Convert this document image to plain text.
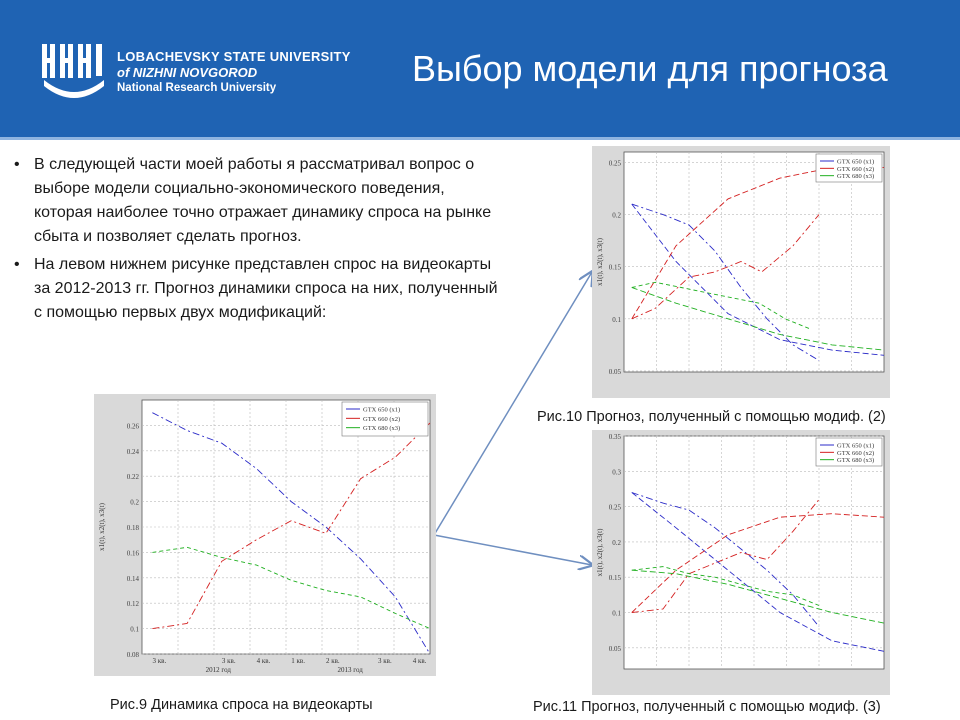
LOBACHEVSKY STATE UNIVERSITY
of NIZHNI NOVGOROD
National Research University	Выбор модели для прогноза
• В следующей части моей работы я рассматривал вопрос о выборе модели социально-экономического поведения, которая наиболее точно отражает динамику спроса на рынке сбыта и позволяет сделать прогноз.
• На левом нижнем рисунке представлен спрос на видеокарты за 2012-2013 гг. Прогноз динамики спроса на них, полученный с помощью первых двух модификаций:
0.08
0.1
0.12
0.14
0.16
0.18
0.2
0.22
0.24
0.26
3 кв.	3 кв.	4 кв.	1 кв.	2 кв.	3 кв.	4 кв.
2012 год	2013 год
x1(t), x2(t), x3(t)
GTX 650 (x1)
GTX 660 (x2)
GTX 680 (x3)
Рис.9 Динамика спроса на видеокарты
0.05
0.1
0.15
0.2
0.25
x1(t), x2(t), x3(t)
GTX 650 (x1)
GTX 660 (x2)
GTX 680 (x3)
Рис.10 Прогноз, полученный с помощью модиф. (2)
0.05
0.1
0.15
0.2
0.25
0.3
0.35
x1(t), x2(t), x3(t)
GTX 650 (x1)
GTX 660 (x2)
GTX 680 (x3)
Рис.11 Прогноз, полученный с помощью модиф. (3)
